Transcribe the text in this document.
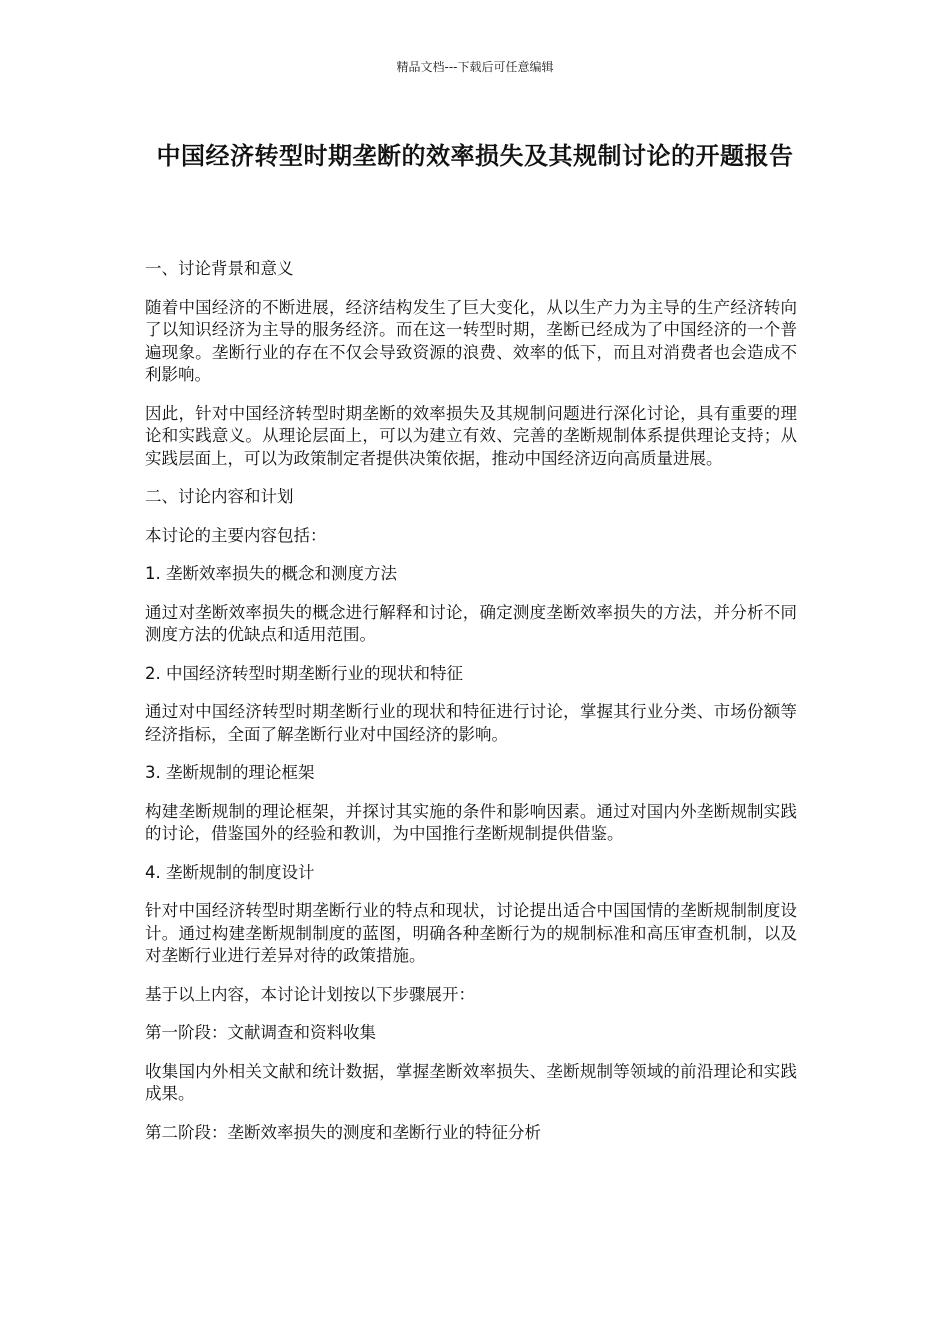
精品文档---下载后可任意编辑
中国经济转型时期垄断的效率损失及其规制讨论的开题报告

一、讨论背景和意义

随着中国经济的不断进展，经济结构发生了巨大变化，从以生产力为主导的生产经济转向了以知识经济为主导的服务经济。而在这一转型时期，垄断已经成为了中国经济的一个普遍现象。垄断行业的存在不仅会导致资源的浪费、效率的低下，而且对消费者也会造成不利影响。

因此，针对中国经济转型时期垄断的效率损失及其规制问题进行深化讨论，具有重要的理论和实践意义。从理论层面上，可以为建立有效、完善的垄断规制体系提供理论支持；从实践层面上，可以为政策制定者提供决策依据，推动中国经济迈向高质量进展。

二、讨论内容和计划

本讨论的主要内容包括：

1. 垄断效率损失的概念和测度方法

通过对垄断效率损失的概念进行解释和讨论，确定测度垄断效率损失的方法，并分析不同测度方法的优缺点和适用范围。

2. 中国经济转型时期垄断行业的现状和特征

通过对中国经济转型时期垄断行业的现状和特征进行讨论，掌握其行业分类、市场份额等经济指标，全面了解垄断行业对中国经济的影响。

3. 垄断规制的理论框架

构建垄断规制的理论框架，并探讨其实施的条件和影响因素。通过对国内外垄断规制实践的讨论，借鉴国外的经验和教训，为中国推行垄断规制提供借鉴。

4. 垄断规制的制度设计

针对中国经济转型时期垄断行业的特点和现状，讨论提出适合中国国情的垄断规制制度设计。通过构建垄断规制制度的蓝图，明确各种垄断行为的规制标准和高压审查机制，以及对垄断行业进行差异对待的政策措施。

基于以上内容，本讨论计划按以下步骤展开：

第一阶段：文献调查和资料收集

收集国内外相关文献和统计数据，掌握垄断效率损失、垄断规制等领域的前沿理论和实践成果。

第二阶段：垄断效率损失的测度和垄断行业的特征分析
